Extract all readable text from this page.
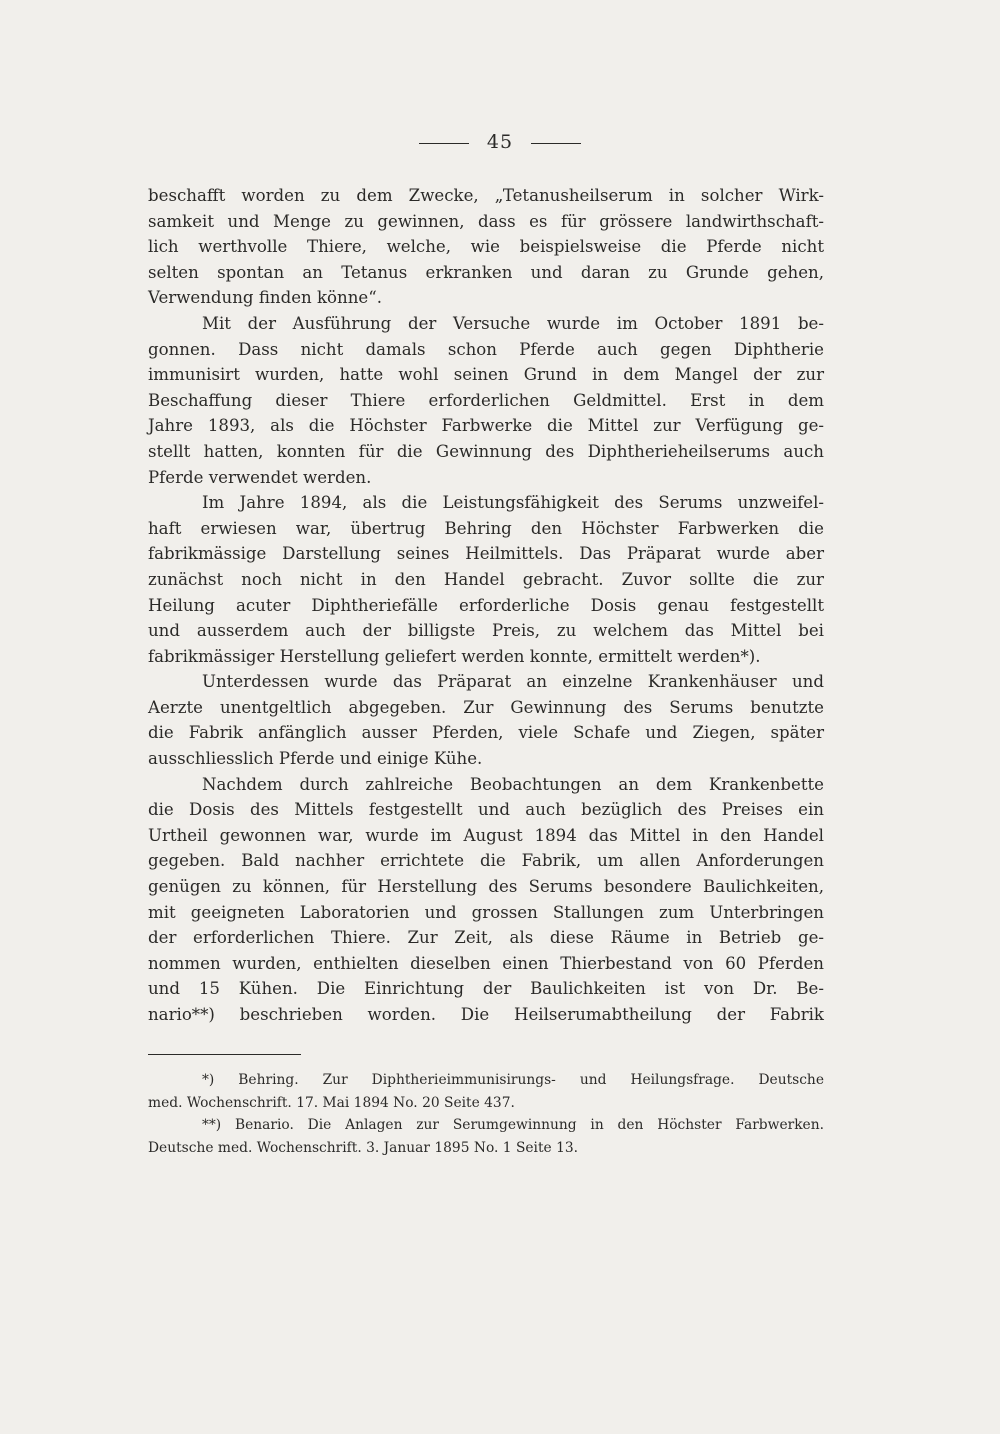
45
beschafft worden zu dem Zwecke, „Tetanusheilserum in solcher Wirk-
samkeit und Menge zu gewinnen, dass es für grössere landwirthschaft-
lich werthvolle Thiere, welche, wie beispielsweise die Pferde nicht
selten spontan an Tetanus erkranken und daran zu Grunde gehen,
Verwendung finden könne“.
Mit der Ausführung der Versuche wurde im October 1891 be-
gonnen. Dass nicht damals schon Pferde auch gegen Diphtherie
immunisirt wurden, hatte wohl seinen Grund in dem Mangel der zur
Beschaffung dieser Thiere erforderlichen Geldmittel. Erst in dem
Jahre 1893, als die Höchster Farbwerke die Mittel zur Verfügung ge-
stellt hatten, konnten für die Gewinnung des Diphtherieheilserums auch
Pferde verwendet werden.
Im Jahre 1894, als die Leistungsfähigkeit des Serums unzweifel-
haft erwiesen war, übertrug Behring den Höchster Farbwerken die
fabrikmässige Darstellung seines Heilmittels. Das Präparat wurde aber
zunächst noch nicht in den Handel gebracht. Zuvor sollte die zur
Heilung acuter Diphtheriefälle erforderliche Dosis genau festgestellt
und ausserdem auch der billigste Preis, zu welchem das Mittel bei
fabrikmässiger Herstellung geliefert werden konnte, ermittelt werden*).
Unterdessen wurde das Präparat an einzelne Krankenhäuser und
Aerzte unentgeltlich abgegeben. Zur Gewinnung des Serums benutzte
die Fabrik anfänglich ausser Pferden, viele Schafe und Ziegen, später
ausschliesslich Pferde und einige Kühe.
Nachdem durch zahlreiche Beobachtungen an dem Krankenbette
die Dosis des Mittels festgestellt und auch bezüglich des Preises ein
Urtheil gewonnen war, wurde im August 1894 das Mittel in den Handel
gegeben. Bald nachher errichtete die Fabrik, um allen Anforderungen
genügen zu können, für Herstellung des Serums besondere Baulichkeiten,
mit geeigneten Laboratorien und grossen Stallungen zum Unterbringen
der erforderlichen Thiere. Zur Zeit, als diese Räume in Betrieb ge-
nommen wurden, enthielten dieselben einen Thierbestand von 60 Pferden
und 15 Kühen. Die Einrichtung der Baulichkeiten ist von Dr. Be-
nario**) beschrieben worden. Die Heilserumabtheilung der Fabrik
*) Behring. Zur Diphtherieimmunisirungs- und Heilungsfrage. Deutsche
med. Wochenschrift. 17. Mai 1894 No. 20 Seite 437.
**) Benario. Die Anlagen zur Serumgewinnung in den Höchster Farbwerken.
Deutsche med. Wochenschrift. 3. Januar 1895 No. 1 Seite 13.
